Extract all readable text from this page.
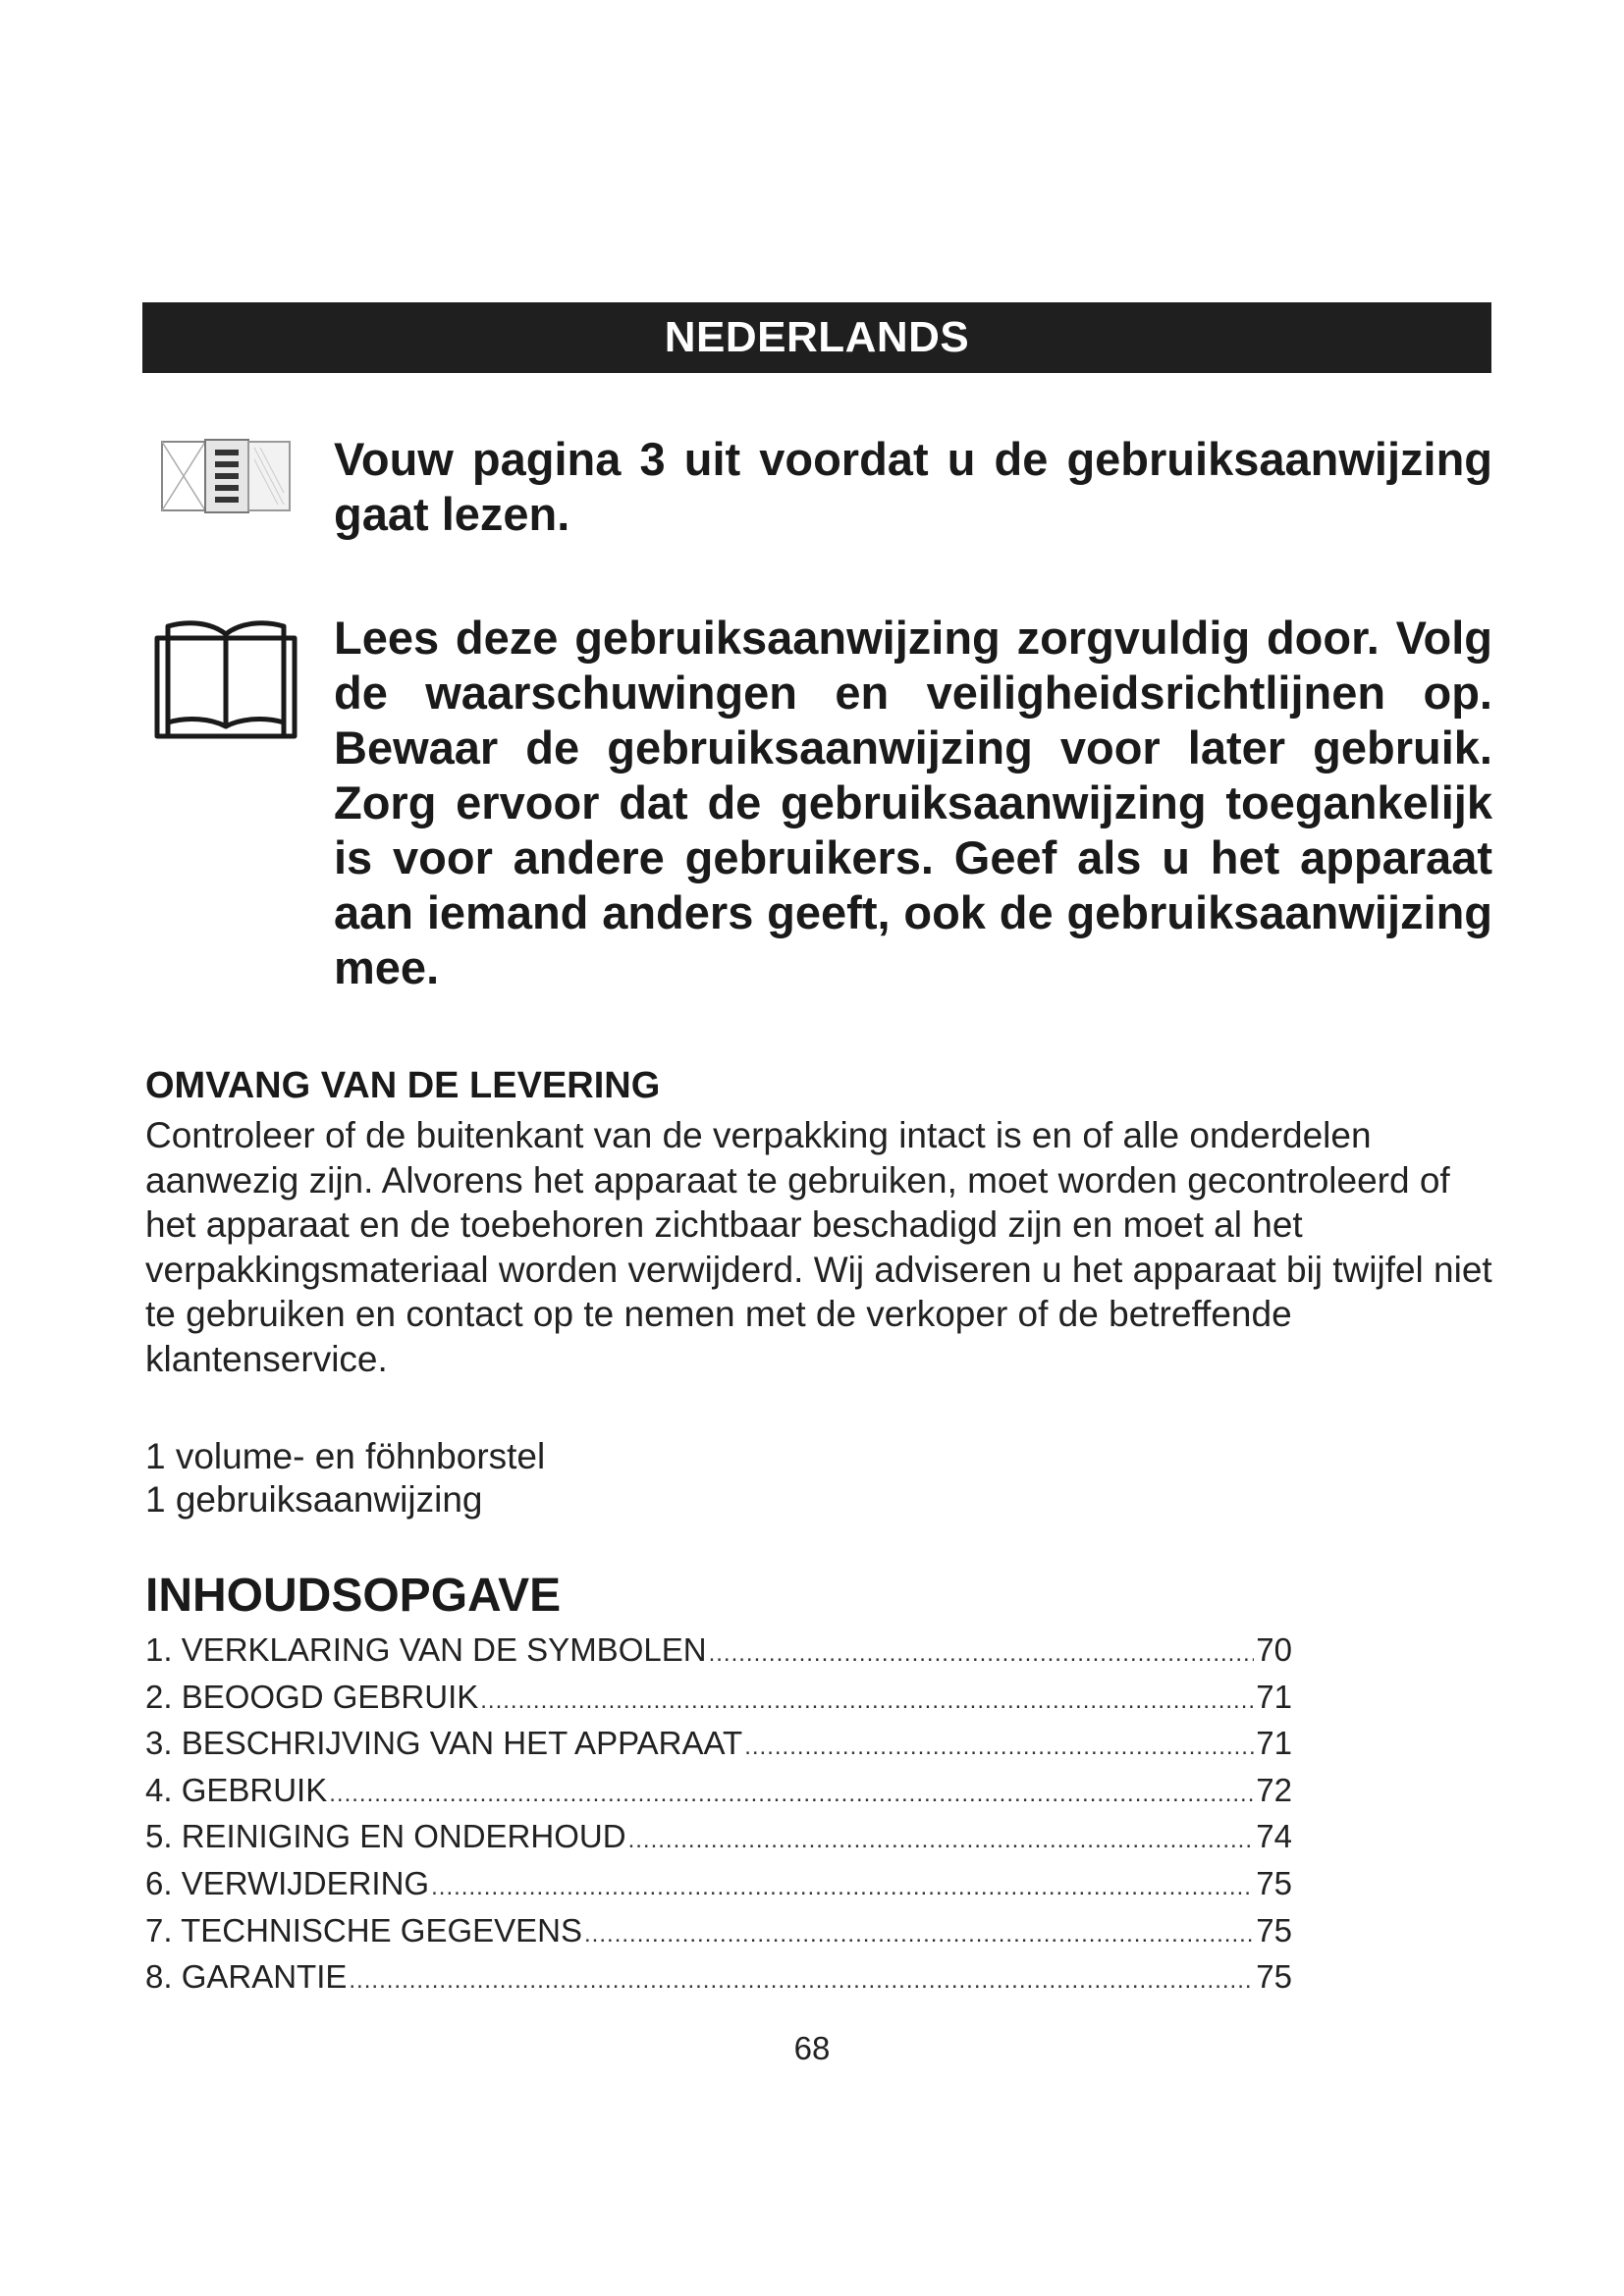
NEDERLANDS
Vouw pagina 3 uit voordat u de gebruiksaanwijzing gaat lezen.
Lees deze gebruiksaanwijzing zorgvuldig door. Volg de waarschuwingen en veiligheidsrichtlijnen op. Bewaar de gebruiksaanwijzing voor later gebruik. Zorg ervoor dat de gebruiksaanwijzing toegankelijk is voor andere gebruikers. Geef als u het apparaat aan iemand anders geeft, ook de gebruiksaanwijzing mee.
OMVANG VAN DE LEVERING
Controleer of de buitenkant van de verpakking intact is en of alle onderdelen aanwezig zijn. Alvorens het apparaat te gebruiken, moet worden gecontroleerd of het apparaat en de toebehoren zichtbaar beschadigd zijn en moet al het verpakkingsmateriaal worden verwijderd. Wij adviseren u het apparaat bij twijfel niet te gebruiken en contact op te nemen met de verkoper of de betreffende klantenservice.
1 volume- en föhnborstel
1 gebruiksaanwijzing
INHOUDSOPGAVE
1. VERKLARING VAN DE SYMBOLEN .....	70
2. BEOOGD GEBRUIK .....	71
3. BESCHRIJVING VAN HET APPARAAT .....	71
4. GEBRUIK .....	72
5. REINIGING EN ONDERHOUD .....	74
6. VERWIJDERING .....	75
7. TECHNISCHE GEGEVENS .....	75
8. GARANTIE .....	75
68
